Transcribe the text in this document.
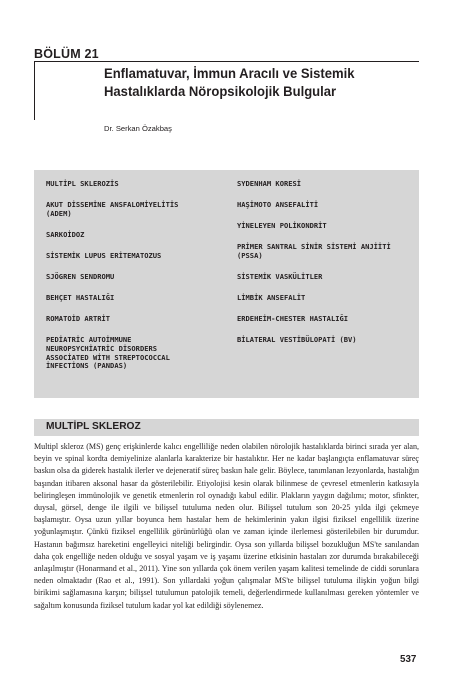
BÖLÜM 21
Enflamatuvar, İmmun Aracılı ve Sistemik Hastalıklarda Nöropsikolojik Bulgular
Dr. Serkan Özakbaş
MULTİPL SKLEROZİS
AKUT DİSSEMİNE ANSFALOMİYELİTİS
(ADEM)
SARKOİDOZ
SİSTEMİK LUPUS ERİTEMATOZUS
SJÖGREN SENDROMU
BEHÇET HASTALIĞI
ROMATOİD ARTRİT
PEDİATRİC AUTOİMMUNE
NEUROPSYCHİATRİC DİSORDERS
ASSOCİATED WİTH STREPTOCOCCAL
İNFECTİONS (PANDAS)
SYDENHAM KORESİ
HAŞİMOTO ANSEFALİTİ
YİNELEYEN POLİKONDRİT
PRİMER SANTRAL SİNİR SİSTEMİ ANJİİTİ
(PSSA)
SİSTEMİK VASKÜLİTLER
LİMBİK ANSEFALİT
ERDEHEİM-CHESTER HASTALIĞI
BİLATERAL VESTİBÜLOPATİ (BV)
MULTİPL SKLEROZ

Multipl skleroz (MS) genç erişkinlerde kalıcı engelliliğe neden olabilen nörolojik hastalıklarda birinci sırada yer alan, beyin ve spinal kordta demiyelinize alanlarla karakterize bir hastalıktır. Her ne kadar başlangıçta enflamatuvar süreç baskın olsa da giderek hastalık ilerler ve dejeneratif süreç baskın hale gelir. Böylece, tanımlanan lezyonlarda, hastalığın başından itibaren aksonal hasar da gösterilebilir. Etiyolojisi kesin olarak bilinmese de çevresel etmenlerin katkısıyla beliringleşen immünolojik ve genetik etmenlerin rol oynadığı kabul edilir. Plakların yaygın dağılımı; motor, sfinkter, duysal, görsel, denge ile ilgili ve bilişsel tutuluma neden olur. Bilişsel tutulum son 20-25 yılda ilgi çekmeye başlamıştır. Oysa uzun yıllar boyunca hem hastalar hem de hekimlerinin yakın ilgisi fiziksel engellilik üzerine yoğunlaşmıştır. Çünkü fiziksel engellilik görünürlüğü olan ve zaman içinde ilerlemesi gösterilebilen bir durumdur. Hastanın bağımsız hareketini engelleyici niteliği belirgindir. Oysa son yıllarda bilişsel bozukluğun MS'te sanılandan daha çok engelliğe neden olduğu ve sosyal yaşam ve iş yaşamı üzerine etkisinin hastaları zor durumda bırakabileceği anlaşılmıştır (Honarmand et al., 2011). Yine son yıllarda çok önem verilen yaşam kalitesi temelinde de ciddi sorunlara neden olmaktadır (Rao et al., 1991). Son yıllardaki yoğun çalışmalar MS'te bilişsel tutuluma ilişkin yoğun bilgi birikimi sağlamasına karşın; bilişsel tutulumun patolojik temeli, değerlendirmede kullanılması gereken yöntemler ve sağaltım konusunda fiziksel tutulum kadar yol kat edildiği söylenemez.

537
